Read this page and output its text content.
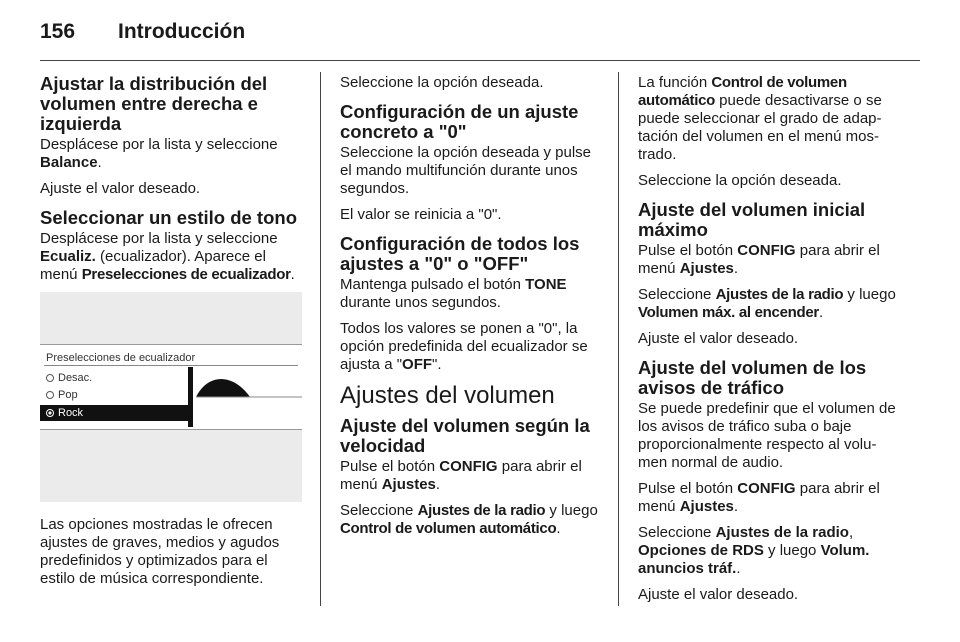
156 Introducción
Ajustar la distribución del volumen entre derecha e izquierda

Desplácese por la lista y seleccione Balance.

Ajuste el valor deseado.

Seleccionar un estilo de tono

Desplácese por la lista y seleccione Ecualiz. (ecualizador). Aparece el menú Preselecciones de ecualizador.

Preselecciones de ecualizador
Desac.
Pop
Rock

Las opciones mostradas le ofrecen ajustes de graves, medios y agudos predefinidos y optimizados para el estilo de música correspondiente.

Seleccione la opción deseada.

Configuración de un ajuste concreto a "0"

Seleccione la opción deseada y pulse el mando multifunción durante unos segundos.

El valor se reinicia a "0".

Configuración de todos los ajustes a "0" o "OFF"

Mantenga pulsado el botón TONE durante unos segundos.

Todos los valores se ponen a "0", la opción predefinida del ecualizador se ajusta a "OFF".

Ajustes del volumen
Ajuste del volumen según la velocidad

Pulse el botón CONFIG para abrir el menú Ajustes.

Seleccione Ajustes de la radio y luego Control de volumen automático.

La función Control de volumen automático puede desactivarse o se puede seleccionar el grado de adap- tación del volumen en el menú mos- trado.

Seleccione la opción deseada.

Ajuste del volumen inicial máximo

Pulse el botón CONFIG para abrir el menú Ajustes.

Seleccione Ajustes de la radio y luego Volumen máx. al encender.

Ajuste el valor deseado.

Ajuste del volumen de los avisos de tráfico

Se puede predefinir que el volumen de los avisos de tráfico suba o baje proporcionalmente respecto al volu- men normal de audio.

Pulse el botón CONFIG para abrir el menú Ajustes.

Seleccione Ajustes de la radio, Opciones de RDS y luego Volum. anuncios tráf..

Ajuste el valor deseado.
